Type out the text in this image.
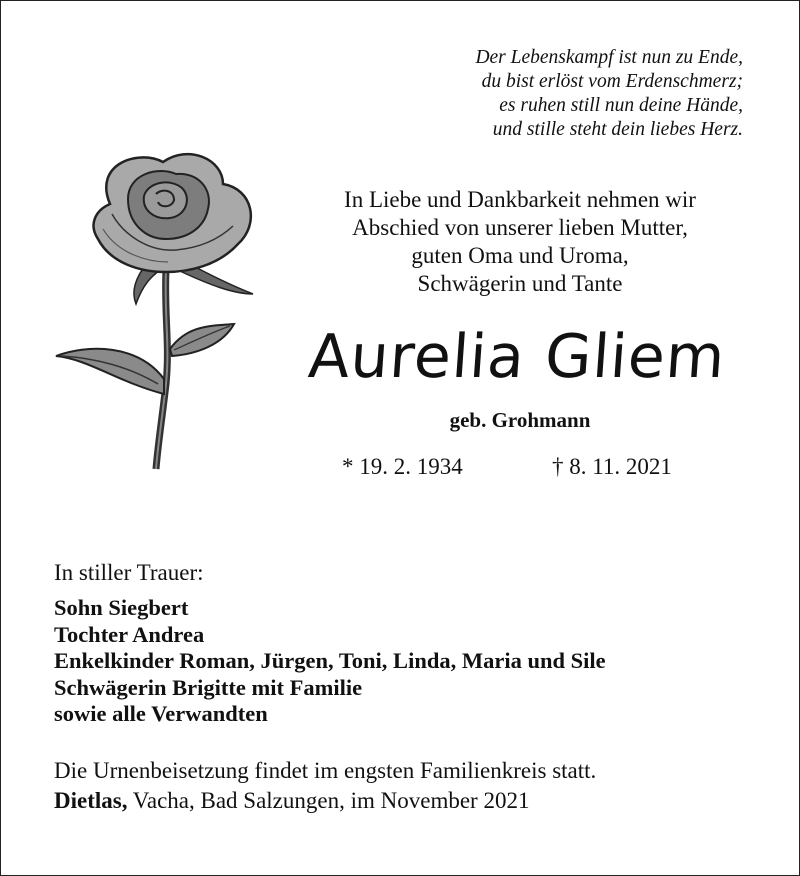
Der Lebenskampf ist nun zu Ende,
du bist erlöst vom Erdenschmerz;
es ruhen still nun deine Hände,
und stille steht dein liebes Herz.
In Liebe und Dankbarkeit nehmen wir
Abschied von unserer lieben Mutter,
guten Oma und Uroma,
Schwägerin und Tante
Aurelia Gliem
geb. Grohmann
* 19. 2. 1934	† 8. 11. 2021
In stiller Trauer:
Sohn Siegbert
Tochter Andrea
Enkelkinder Roman, Jürgen, Toni, Linda, Maria und Sile
Schwägerin Brigitte mit Familie
sowie alle Verwandten
Die Urnenbeisetzung findet im engsten Familienkreis statt.
Dietlas, Vacha, Bad Salzungen, im November 2021
